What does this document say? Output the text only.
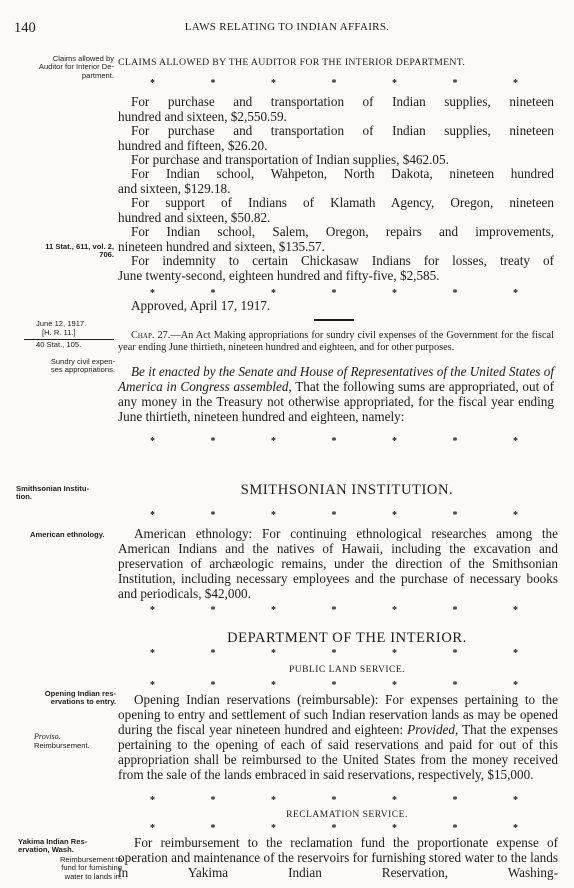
140	LAWS RELATING TO INDIAN AFFAIRS.
Claims allowed by
Auditor for Interior De-
partment.
11 Stat., 611, vol. 2,
706.
June 12, 1917.
[H. R. 11.]
40 Stat., 105.
Sundry civil expen-
ses appropriations.
Smithsonian Institu-
tion.
American ethnology.
Opening Indian res-
ervations to entry.
Proviso.
Reimbursement.
Yakima Indian Res-
ervation, Wash.
Reimbursement to
fund for furnishing
water to lands in.
CLAIMS ALLOWED BY THE AUDITOR FOR THE INTERIOR DEPARTMENT.
*	*	*	*	*	*	*
For purchase and transportation of Indian supplies, nineteen
hundred and sixteen, $2,550.59.
For purchase and transportation of Indian supplies, nineteen
hundred and fifteen, $26.20.
For purchase and transportation of Indian supplies, $462.05.
For Indian school, Wahpeton, North Dakota, nineteen hundred
and sixteen, $129.18.
For support of Indians of Klamath Agency, Oregon, nineteen
hundred and sixteen, $50.82.
For Indian school, Salem, Oregon, repairs and improvements,
nineteen hundred and sixteen, $135.57.
For indemnity to certain Chickasaw Indians for losses, treaty of
June twenty-second, eighteen hundred and fifty-five, $2,585.
*	*	*	*	*	*	*
Approved, April 17, 1917.
Chap. 27.—An Act Making appropriations for sundry civil expenses of the Government for the fiscal year ending June thirtieth, nineteen hundred and eighteen, and for other purposes.
Be it enacted by the Senate and House of Representatives of the United States of America in Congress assembled, That the following sums are appropriated, out of any money in the Treasury not otherwise appropriated, for the fiscal year ending June thirtieth, nineteen hundred and eighteen, namely:
*	*	*	*	*	*	*
SMITHSONIAN INSTITUTION.
*	*	*	*	*	*	*
American ethnology: For continuing ethnological researches among the American Indians and the natives of Hawaii, including the excavation and preservation of archæologic remains, under the direction of the Smithsonian Institution, including necessary employees and the purchase of necessary books and periodicals, $42,000.
*	*	*	*	*	*	*
DEPARTMENT OF THE INTERIOR.
*	*	*	*	*	*	*
PUBLIC LAND SERVICE.
*	*	*	*	*	*	*
Opening Indian reservations (reimbursable): For expenses pertaining to the opening to entry and settlement of such Indian reservation lands as may be opened during the fiscal year nineteen hundred and eighteen: Provided, That the expenses pertaining to the opening of each of said reservations and paid for out of this appropriation shall be reimbursed to the United States from the money received from the sale of the lands embraced in said reservations, respectively, $15,000.
*	*	*	*	*	*	*
RECLAMATION SERVICE.
*	*	*	*	*	*	*
For reimbursement to the reclamation fund the proportionate expense of operation and maintenance of the reservoirs for furnishing stored water to the lands in Yakima Indian Reservation, Washing-
